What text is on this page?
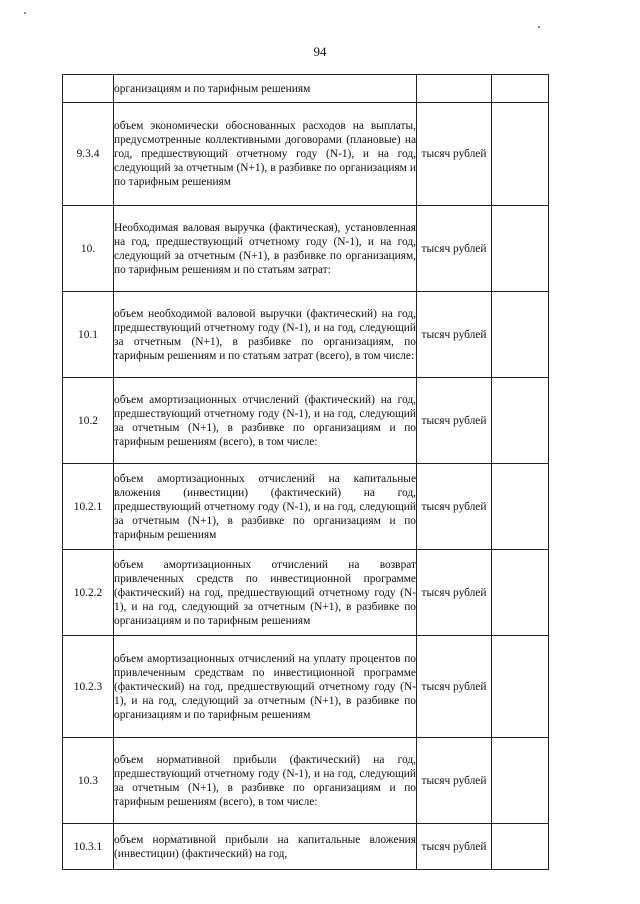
94
	организациям и по тарифным решениям		
9.3.4	объем экономически обоснованных расходов на выплаты, предусмотренные коллективными договорами (плановые) на год, предшествующий отчетному году (N-1), и на год, следующий за отчетным (N+1), в разбивке по организациям и по тарифным решениям	тысяч рублей	
10.	Необходимая валовая выручка (фактическая), установленная на год, предшествующий отчетному году (N-1), и на год, следующий за отчетным (N+1), в разбивке по организациям, по тарифным решениям и по статьям затрат:	тысяч рублей	
10.1	объем необходимой валовой выручки (фактический) на год, предшествующий отчетному году (N-1), и на год, следующий за отчетным (N+1), в разбивке по организациям, по тарифным решениям и по статьям затрат (всего), в том числе:	тысяч рублей	
10.2	объем амортизационных отчислений (фактический) на год, предшествующий отчетному году (N-1), и на год, следующий за отчетным (N+1), в разбивке по организациям и по тарифным решениям (всего), в том числе:	тысяч рублей	
10.2.1	объем амортизационных отчислений на капитальные вложения (инвестиции) (фактический) на год, предшествующий отчетному году (N-1), и на год, следующий за отчетным (N+1), в разбивке по организациям и по тарифным решениям	тысяч рублей	
10.2.2	объем амортизационных отчислений на возврат привлеченных средств по инвестиционной программе (фактический) на год, предшествующий отчетному году (N-1), и на год, следующий за отчетным (N+1), в разбивке по организациям и по тарифным решениям	тысяч рублей	
10.2.3	объем амортизационных отчислений на уплату процентов по привлеченным средствам по инвестиционной программе (фактический) на год, предшествующий отчетному году (N-1), и на год, следующий за отчетным (N+1), в разбивке по организациям и по тарифным решениям	тысяч рублей	
10.3	объем нормативной прибыли (фактический) на год, предшествующий отчетному году (N-1), и на год, следующий за отчетным (N+1), в разбивке по организациям и по тарифным решениям (всего), в том числе:	тысяч рублей	
10.3.1	объем нормативной прибыли на капитальные вложения (инвестиции) (фактический) на год,	тысяч рублей	
